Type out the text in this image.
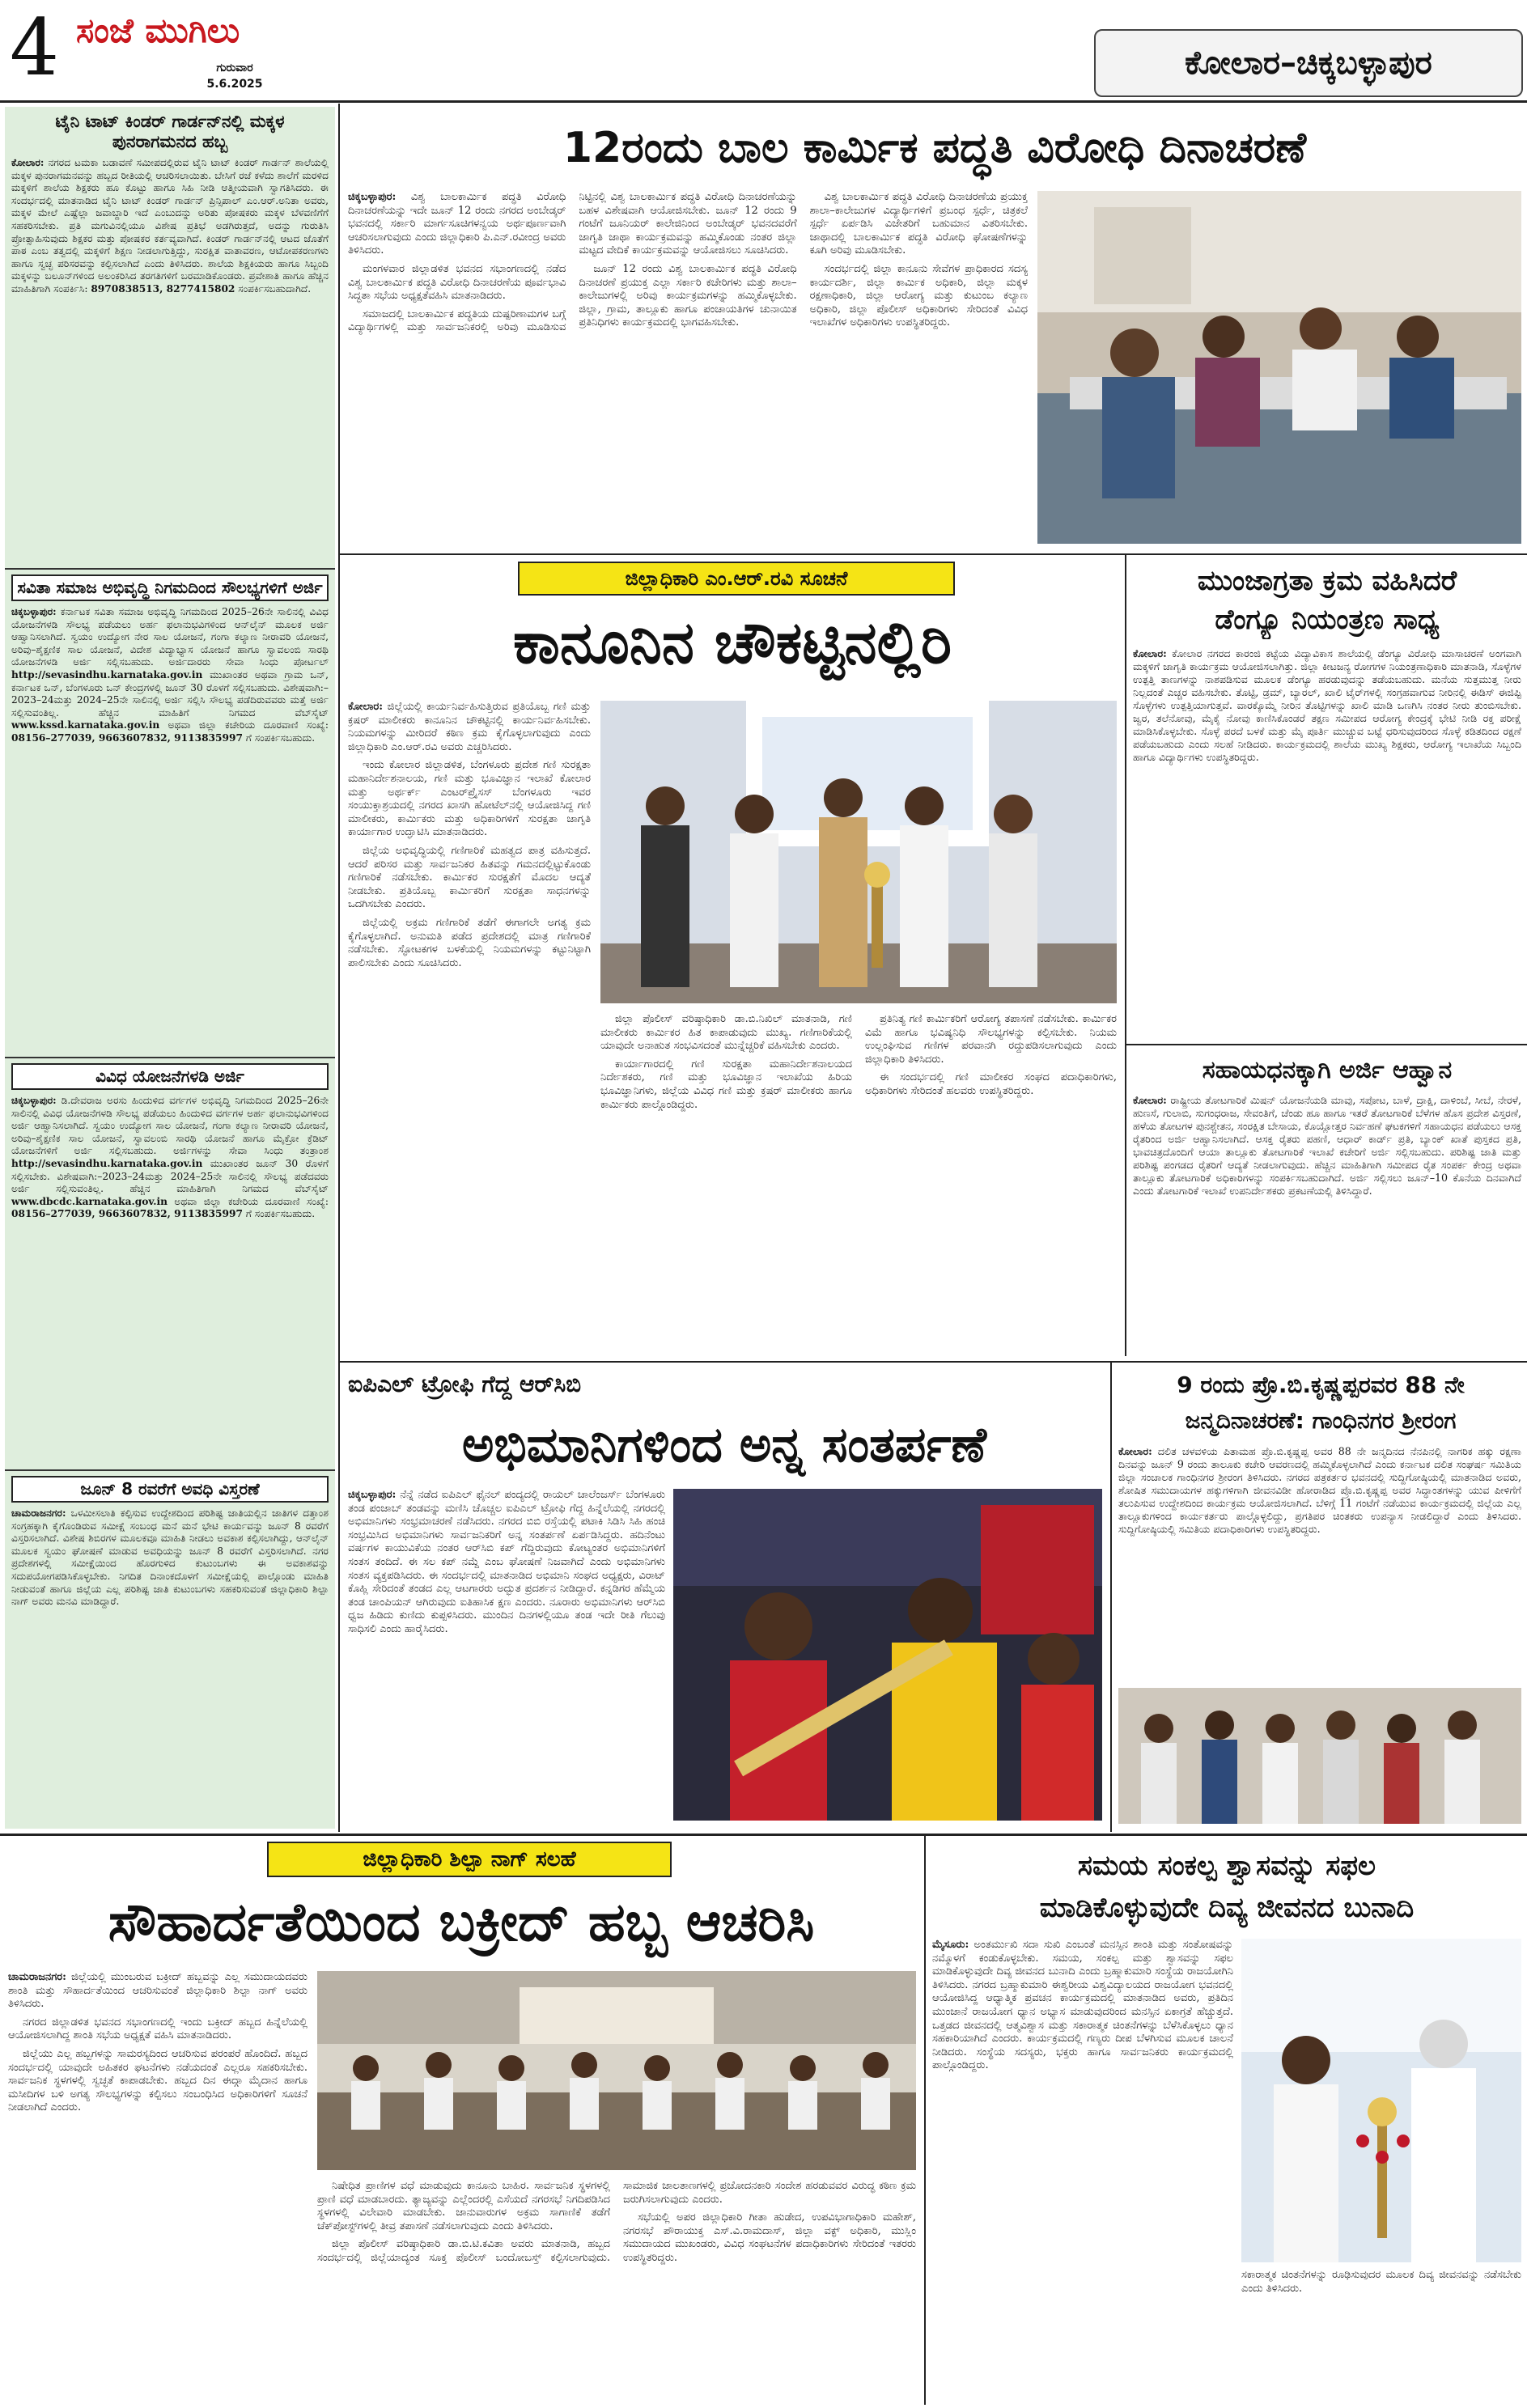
4 ಸಂಜೆ ಮುಗಿಲು
ಗುರುವಾರ
5.6.2025
ಕೋಲಾರ–ಚಿಕ್ಕಬಳ್ಳಾಪುರ
ಟೈನಿ ಟಾಟ್ ಕಿಂಡರ್ ಗಾರ್ಡನ್‌ನಲ್ಲಿ ಮಕ್ಕಳ ಪುನರಾಗಮನದ ಹಬ್ಬ
ಕೋಲಾರ: ನಗರದ ಟಮಕಾ ಬಡಾವಣೆ ಸಮೀಪದಲ್ಲಿರುವ ಟೈನಿ ಟಾಟ್ ಕಿಂಡರ್ ಗಾರ್ಡನ್ ಶಾಲೆಯಲ್ಲಿ ಮಕ್ಕಳ ಪುನರಾಗಮನವನ್ನು ಹಬ್ಬದ ರೀತಿಯಲ್ಲಿ ಆಚರಿಸಲಾಯಿತು. ಬೇಸಿಗೆ ರಜೆ ಕಳೆದು ಶಾಲೆಗೆ ಮರಳಿದ ಮಕ್ಕಳಿಗೆ ಶಾಲೆಯ ಶಿಕ್ಷಕರು ಹೂ ಕೊಟ್ಟು ಹಾಗೂ ಸಿಹಿ ನೀಡಿ ಆತ್ಮೀಯವಾಗಿ ಸ್ವಾಗತಿಸಿದರು. ಈ ಸಂದರ್ಭದಲ್ಲಿ ಮಾತನಾಡಿದ ಟೈನಿ ಟಾಟ್ ಕಿಂಡರ್ ಗಾರ್ಡನ್ ಪ್ರಿನ್ಸಿಪಾಲ್ ಎಂ.ಆರ್.ಅನಿತಾ ಅವರು, ಮಕ್ಕಳ ಮೇಲೆ ಎಷ್ಟೆಲ್ಲಾ ಜವಾಬ್ದಾರಿ ಇದೆ ಎಂಬುದನ್ನು ಅರಿತು ಪೋಷಕರು ಮಕ್ಕಳ ಬೆಳವಣಿಗೆಗೆ ಸಹಕರಿಸಬೇಕು. ಪ್ರತಿ ಮಗುವಿನಲ್ಲಿಯೂ ವಿಶೇಷ ಪ್ರತಿಭೆ ಅಡಗಿರುತ್ತದೆ, ಅದನ್ನು ಗುರುತಿಸಿ ಪ್ರೋತ್ಸಾಹಿಸುವುದು ಶಿಕ್ಷಕರ ಮತ್ತು ಪೋಷಕರ ಕರ್ತವ್ಯವಾಗಿದೆ. ಕಿಂಡರ್ ಗಾರ್ಡನ್‌ನಲ್ಲಿ ಆಟದ ಜೊತೆಗೆ ಪಾಠ ಎಂಬ ತತ್ವದಲ್ಲಿ ಮಕ್ಕಳಿಗೆ ಶಿಕ್ಷಣ ನೀಡಲಾಗುತ್ತಿದ್ದು, ಸುರಕ್ಷಿತ ವಾತಾವರಣ, ಆಟೋಪಕರಣಗಳು ಹಾಗೂ ಸ್ವಚ್ಛ ಪರಿಸರವನ್ನು ಕಲ್ಪಿಸಲಾಗಿದೆ ಎಂದು ತಿಳಿಸಿದರು. ಶಾಲೆಯ ಶಿಕ್ಷಕಿಯರು ಹಾಗೂ ಸಿಬ್ಬಂದಿ ಮಕ್ಕಳನ್ನು ಬಲೂನ್‌ಗಳಿಂದ ಅಲಂಕರಿಸಿದ ತರಗತಿಗಳಿಗೆ ಬರಮಾಡಿಕೊಂಡರು. ಪ್ರವೇಶಾತಿ ಹಾಗೂ ಹೆಚ್ಚಿನ ಮಾಹಿತಿಗಾಗಿ ಸಂಪರ್ಕಿಸಿ: 8970838513, 8277415802 ಸಂಪರ್ಕಿಸಬಹುದಾಗಿದೆ.
ಸವಿತಾ ಸಮಾಜ ಅಭಿವೃದ್ಧಿ ನಿಗಮದಿಂದ ಸೌಲಭ್ಯಗಳಿಗೆ ಅರ್ಜಿ
ಚಿಕ್ಕಬಳ್ಳಾಪುರ: ಕರ್ನಾಟಕ ಸವಿತಾ ಸಮಾಜ ಅಭಿವೃದ್ಧಿ ನಿಗಮದಿಂದ 2025–26ನೇ ಸಾಲಿನಲ್ಲಿ ವಿವಿಧ ಯೋಜನೆಗಳಡಿ ಸೌಲಭ್ಯ ಪಡೆಯಲು ಅರ್ಹ ಫಲಾನುಭವಿಗಳಿಂದ ಆನ್‌ಲೈನ್ ಮೂಲಕ ಅರ್ಜಿ ಆಹ್ವಾನಿಸಲಾಗಿದೆ. ಸ್ವಯಂ ಉದ್ಯೋಗ ನೇರ ಸಾಲ ಯೋಜನೆ, ಗಂಗಾ ಕಲ್ಯಾಣ ನೀರಾವರಿ ಯೋಜನೆ, ಅರಿವು–ಶೈಕ್ಷಣಿಕ ಸಾಲ ಯೋಜನೆ, ವಿದೇಶ ವಿದ್ಯಾಭ್ಯಾಸ ಯೋಜನೆ ಹಾಗೂ ಸ್ವಾವಲಂಬಿ ಸಾರಥಿ ಯೋಜನೆಗಳಡಿ ಅರ್ಜಿ ಸಲ್ಲಿಸಬಹುದು. ಅರ್ಜಿದಾರರು ಸೇವಾ ಸಿಂಧು ಪೋರ್ಟಲ್ http://sevasindhu.karnataka.gov.in ಮುಖಾಂತರ ಅಥವಾ ಗ್ರಾಮ ಒನ್, ಕರ್ನಾಟಕ ಒನ್, ಬೆಂಗಳೂರು ಒನ್ ಕೇಂದ್ರಗಳಲ್ಲಿ ಜೂನ್ 30 ರೊಳಗೆ ಸಲ್ಲಿಸಬಹುದು. ವಿಶೇಷವಾಗಿ:–2023–24ಮತ್ತು 2024–25ನೇ ಸಾಲಿನಲ್ಲಿ ಅರ್ಜಿ ಸಲ್ಲಿಸಿ ಸೌಲಭ್ಯ ಪಡೆದಿರುವವರು ಮತ್ತೆ ಅರ್ಜಿ ಸಲ್ಲಿಸುವಂತಿಲ್ಲ. ಹೆಚ್ಚಿನ ಮಾಹಿತಿಗೆ ನಿಗಮದ ವೆಬ್‌ಸೈಟ್ www.kssd.karnataka.gov.in ಅಥವಾ ಜಿಲ್ಲಾ ಕಚೇರಿಯ ದೂರವಾಣಿ ಸಂಖ್ಯೆ: 08156–277039, 9663607832, 9113835997 ಗೆ ಸಂಪರ್ಕಿಸಬಹುದು.
ವಿವಿಧ ಯೋಜನೆಗಳಡಿ ಅರ್ಜಿ
ಚಿಕ್ಕಬಳ್ಳಾಪುರ: ಡಿ.ದೇವರಾಜ ಅರಸು ಹಿಂದುಳಿದ ವರ್ಗಗಳ ಅಭಿವೃದ್ಧಿ ನಿಗಮದಿಂದ 2025–26ನೇ ಸಾಲಿನಲ್ಲಿ ವಿವಿಧ ಯೋಜನೆಗಳಡಿ ಸೌಲಭ್ಯ ಪಡೆಯಲು ಹಿಂದುಳಿದ ವರ್ಗಗಳ ಅರ್ಹ ಫಲಾನುಭವಿಗಳಿಂದ ಅರ್ಜಿ ಆಹ್ವಾನಿಸಲಾಗಿದೆ. ಸ್ವಯಂ ಉದ್ಯೋಗ ಸಾಲ ಯೋಜನೆ, ಗಂಗಾ ಕಲ್ಯಾಣ ನೀರಾವರಿ ಯೋಜನೆ, ಅರಿವು–ಶೈಕ್ಷಣಿಕ ಸಾಲ ಯೋಜನೆ, ಸ್ವಾವಲಂಬಿ ಸಾರಥಿ ಯೋಜನೆ ಹಾಗೂ ಮೈಕ್ರೋ ಕ್ರೆಡಿಟ್ ಯೋಜನೆಗಳಿಗೆ ಅರ್ಜಿ ಸಲ್ಲಿಸಬಹುದು. ಅರ್ಜಿಗಳನ್ನು ಸೇವಾ ಸಿಂಧು ತಂತ್ರಾಂಶ http://sevasindhu.karnataka.gov.in ಮುಖಾಂತರ ಜೂನ್ 30 ರೊಳಗೆ ಸಲ್ಲಿಸಬೇಕು. ವಿಶೇಷವಾಗಿ:–2023–24ಮತ್ತು 2024–25ನೇ ಸಾಲಿನಲ್ಲಿ ಸೌಲಭ್ಯ ಪಡೆದವರು ಅರ್ಜಿ ಸಲ್ಲಿಸುವಂತಿಲ್ಲ. ಹೆಚ್ಚಿನ ಮಾಹಿತಿಗಾಗಿ ನಿಗಮದ ವೆಬ್‌ಸೈಟ್ www.dbcdc.karnataka.gov.in ಅಥವಾ ಜಿಲ್ಲಾ ಕಚೇರಿಯ ದೂರವಾಣಿ ಸಂಖ್ಯೆ: 08156–277039, 9663607832, 9113835997 ಗೆ ಸಂಪರ್ಕಿಸಬಹುದು.
ಜೂನ್ 8 ರವರೆಗೆ ಅವಧಿ ವಿಸ್ತರಣೆ
ಚಾಮರಾಜನಗರ: ಒಳಮೀಸಲಾತಿ ಕಲ್ಪಿಸುವ ಉದ್ದೇಶದಿಂದ ಪರಿಶಿಷ್ಟ ಜಾತಿಯಲ್ಲಿನ ಜಾತಿಗಳ ದತ್ತಾಂಶ ಸಂಗ್ರಹಕ್ಕಾಗಿ ಕೈಗೊಂಡಿರುವ ಸಮೀಕ್ಷೆ ಸಂಬಂಧ ಮನೆ ಮನೆ ಭೇಟಿ ಕಾರ್ಯವನ್ನು ಜೂನ್ 8 ರವರೆಗೆ ವಿಸ್ತರಿಸಲಾಗಿದೆ. ವಿಶೇಷ ಶಿಬಿರಗಳ ಮೂಲಕವೂ ಮಾಹಿತಿ ನೀಡಲು ಅವಕಾಶ ಕಲ್ಪಿಸಲಾಗಿದ್ದು, ಆನ್‌ಲೈನ್ ಮೂಲಕ ಸ್ವಯಂ ಘೋಷಣೆ ಮಾಡುವ ಅವಧಿಯನ್ನು ಜೂನ್ 8 ರವರೆಗೆ ವಿಸ್ತರಿಸಲಾಗಿದೆ. ನಗರ ಪ್ರದೇಶಗಳಲ್ಲಿ ಸಮೀಕ್ಷೆಯಿಂದ ಹೊರಗುಳಿದ ಕುಟುಂಬಗಳು ಈ ಅವಕಾಶವನ್ನು ಸದುಪಯೋಗಪಡಿಸಿಕೊಳ್ಳಬೇಕು. ನಿಗದಿತ ದಿನಾಂಕದೊಳಗೆ ಸಮೀಕ್ಷೆಯಲ್ಲಿ ಪಾಲ್ಗೊಂಡು ಮಾಹಿತಿ ನೀಡುವಂತೆ ಹಾಗೂ ಜಿಲ್ಲೆಯ ಎಲ್ಲ ಪರಿಶಿಷ್ಟ ಜಾತಿ ಕುಟುಂಬಗಳು ಸಹಕರಿಸುವಂತೆ ಜಿಲ್ಲಾಧಿಕಾರಿ ಶಿಲ್ಪಾ ನಾಗ್ ಅವರು ಮನವಿ ಮಾಡಿದ್ದಾರೆ.
12ರಂದು ಬಾಲ ಕಾರ್ಮಿಕ ಪದ್ಧತಿ ವಿರೋಧಿ ದಿನಾಚರಣೆ

ಚಿಕ್ಕಬಳ್ಳಾಪುರ: ವಿಶ್ವ ಬಾಲಕಾರ್ಮಿಕ ಪದ್ಧತಿ ವಿರೋಧಿ ದಿನಾಚರಣೆಯನ್ನು ಇದೇ ಜೂನ್ 12 ರಂದು ನಗರದ ಅಂಬೇಡ್ಕರ್ ಭವನದಲ್ಲಿ ಸರ್ಕಾರಿ ಮಾರ್ಗಸೂಚಿಗಳನ್ವಯ ಅರ್ಥಪೂರ್ಣವಾಗಿ ಆಚರಿಸಲಾಗುವುದು ಎಂದು ಜಿಲ್ಲಾಧಿಕಾರಿ ಪಿ.ಎನ್.ರವೀಂದ್ರ ಅವರು ತಿಳಿಸಿದರು.

ಮಂಗಳವಾರ ಜಿಲ್ಲಾಡಳಿತ ಭವನದ ಸಭಾಂಗಣದಲ್ಲಿ ನಡೆದ ವಿಶ್ವ ಬಾಲಕಾರ್ಮಿಕ ಪದ್ಧತಿ ವಿರೋಧಿ ದಿನಾಚರಣೆಯ ಪೂರ್ವಭಾವಿ ಸಿದ್ಧತಾ ಸಭೆಯ ಅಧ್ಯಕ್ಷತೆವಹಿಸಿ ಮಾತನಾಡಿದರು.

ಸಮಾಜದಲ್ಲಿ ಬಾಲಕಾರ್ಮಿಕ ಪದ್ಧತಿಯ ದುಷ್ಪರಿಣಾಮಗಳ ಬಗ್ಗೆ ವಿದ್ಯಾರ್ಥಿಗಳಲ್ಲಿ ಮತ್ತು ಸಾರ್ವಜನಿಕರಲ್ಲಿ ಅರಿವು ಮೂಡಿಸುವ ನಿಟ್ಟಿನಲ್ಲಿ ವಿಶ್ವ ಬಾಲಕಾರ್ಮಿಕ ಪದ್ಧತಿ ವಿರೋಧಿ ದಿನಾಚರಣೆಯನ್ನು ಬಹಳ ವಿಶೇಷವಾಗಿ ಆಯೋಜಿಸಬೇಕು. ಜೂನ್ 12 ರಂದು 9 ಗಂಟೆಗೆ ಜೂನಿಯರ್ ಕಾಲೇಜಿನಿಂದ ಅಂಬೇಡ್ಕರ್ ಭವನದವರೆಗೆ ಜಾಗೃತಿ ಜಾಥಾ ಕಾರ್ಯಕ್ರಮವನ್ನು ಹಮ್ಮಿಕೊಂಡು ನಂತರ ಜಿಲ್ಲಾ ಮಟ್ಟದ ವೇದಿಕೆ ಕಾರ್ಯಕ್ರಮವನ್ನು ಆಯೋಜಿಸಲು ಸೂಚಿಸಿದರು.

ಜೂನ್ 12 ರಂದು ವಿಶ್ವ ಬಾಲಕಾರ್ಮಿಕ ಪದ್ಧತಿ ವಿರೋಧಿ ದಿನಾಚರಣೆ ಪ್ರಯುಕ್ತ ಎಲ್ಲಾ ಸರ್ಕಾರಿ ಕಚೇರಿಗಳು ಮತ್ತು ಶಾಲಾ–ಕಾಲೇಜುಗಳಲ್ಲಿ ಅರಿವು ಕಾರ್ಯಕ್ರಮಗಳನ್ನು ಹಮ್ಮಿಕೊಳ್ಳಬೇಕು. ಜಿಲ್ಲಾ, ಗ್ರಾಮ, ತಾಲ್ಲೂಕು ಹಾಗೂ ಪಂಚಾಯತಿಗಳ ಚುನಾಯಿತ ಪ್ರತಿನಿಧಿಗಳು ಕಾರ್ಯಕ್ರಮದಲ್ಲಿ ಭಾಗವಹಿಸಬೇಕು.

ವಿಶ್ವ ಬಾಲಕಾರ್ಮಿಕ ಪದ್ಧತಿ ವಿರೋಧಿ ದಿನಾಚರಣೆಯ ಪ್ರಯುಕ್ತ ಶಾಲಾ–ಕಾಲೇಜುಗಳ ವಿದ್ಯಾರ್ಥಿಗಳಿಗೆ ಪ್ರಬಂಧ ಸ್ಪರ್ಧೆ, ಚಿತ್ರಕಲೆ ಸ್ಪರ್ಧೆ ಏರ್ಪಡಿಸಿ ವಿಜೇತರಿಗೆ ಬಹುಮಾನ ವಿತರಿಸಬೇಕು. ಜಾಥಾದಲ್ಲಿ ಬಾಲಕಾರ್ಮಿಕ ಪದ್ಧತಿ ವಿರೋಧಿ ಘೋಷಣೆಗಳನ್ನು ಕೂಗಿ ಅರಿವು ಮೂಡಿಸಬೇಕು.

ಸಂದರ್ಭದಲ್ಲಿ ಜಿಲ್ಲಾ ಕಾನೂನು ಸೇವೆಗಳ ಪ್ರಾಧಿಕಾರದ ಸದಸ್ಯ ಕಾರ್ಯದರ್ಶಿ, ಜಿಲ್ಲಾ ಕಾರ್ಮಿಕ ಅಧಿಕಾರಿ, ಜಿಲ್ಲಾ ಮಕ್ಕಳ ರಕ್ಷಣಾಧಿಕಾರಿ, ಜಿಲ್ಲಾ ಆರೋಗ್ಯ ಮತ್ತು ಕುಟುಂಬ ಕಲ್ಯಾಣ ಅಧಿಕಾರಿ, ಜಿಲ್ಲಾ ಪೊಲೀಸ್ ಅಧಿಕಾರಿಗಳು ಸೇರಿದಂತೆ ವಿವಿಧ ಇಲಾಖೆಗಳ ಅಧಿಕಾರಿಗಳು ಉಪಸ್ಥಿತರಿದ್ದರು.

ಜಿಲ್ಲಾಧಿಕಾರಿ ಎಂ.ಆರ್.ರವಿ ಸೂಚನೆ
ಕಾನೂನಿನ ಚೌಕಟ್ಟಿನಲ್ಲಿರಿ

ಕೋಲಾರ: ಜಿಲ್ಲೆಯಲ್ಲಿ ಕಾರ್ಯನಿರ್ವಹಿಸುತ್ತಿರುವ ಪ್ರತಿಯೊಬ್ಬ ಗಣಿ ಮತ್ತು ಕ್ರಷರ್ ಮಾಲೀಕರು ಕಾನೂನಿನ ಚೌಕಟ್ಟಿನಲ್ಲಿ ಕಾರ್ಯನಿರ್ವಹಿಸಬೇಕು. ನಿಯಮಗಳನ್ನು ಮೀರಿದರೆ ಕಠಿಣ ಕ್ರಮ ಕೈಗೊಳ್ಳಲಾಗುವುದು ಎಂದು ಜಿಲ್ಲಾಧಿಕಾರಿ ಎಂ.ಆರ್.ರವಿ ಅವರು ಎಚ್ಚರಿಸಿದರು.

ಇಂದು ಕೋಲಾರ ಜಿಲ್ಲಾಡಳಿತ, ಬೆಂಗಳೂರು ಪ್ರದೇಶ ಗಣಿ ಸುರಕ್ಷತಾ ಮಹಾನಿರ್ದೇಶನಾಲಯ, ಗಣಿ ಮತ್ತು ಭೂವಿಜ್ಞಾನ ಇಲಾಖೆ ಕೋಲಾರ ಮತ್ತು ಅರ್ಥರ್ಕ್ ಎಂಟರ್‌ಪ್ರೈಸಸ್ ಬೆಂಗಳೂರು ಇವರ ಸಂಯುಕ್ತಾಶ್ರಯದಲ್ಲಿ ನಗರದ ಖಾಸಗಿ ಹೋಟೆಲ್‌ನಲ್ಲಿ ಆಯೋಜಿಸಿದ್ದ ಗಣಿ ಮಾಲೀಕರು, ಕಾರ್ಮಿಕರು ಮತ್ತು ಅಧಿಕಾರಿಗಳಿಗೆ ಸುರಕ್ಷತಾ ಜಾಗೃತಿ ಕಾರ್ಯಾಗಾರ ಉದ್ಘಾಟಿಸಿ ಮಾತನಾಡಿದರು.

ಜಿಲ್ಲೆಯ ಅಭಿವೃದ್ಧಿಯಲ್ಲಿ ಗಣಿಗಾರಿಕೆ ಮಹತ್ವದ ಪಾತ್ರ ವಹಿಸುತ್ತದೆ. ಆದರೆ ಪರಿಸರ ಮತ್ತು ಸಾರ್ವಜನಿಕರ ಹಿತವನ್ನು ಗಮನದಲ್ಲಿಟ್ಟುಕೊಂಡು ಗಣಿಗಾರಿಕೆ ನಡೆಸಬೇಕು. ಕಾರ್ಮಿಕರ ಸುರಕ್ಷತೆಗೆ ಮೊದಲ ಆದ್ಯತೆ ನೀಡಬೇಕು. ಪ್ರತಿಯೊಬ್ಬ ಕಾರ್ಮಿಕರಿಗೆ ಸುರಕ್ಷತಾ ಸಾಧನಗಳನ್ನು ಒದಗಿಸಬೇಕು ಎಂದರು.

ಜಿಲ್ಲೆಯಲ್ಲಿ ಅಕ್ರಮ ಗಣಿಗಾರಿಕೆ ತಡೆಗೆ ಈಗಾಗಲೇ ಅಗತ್ಯ ಕ್ರಮ ಕೈಗೊಳ್ಳಲಾಗಿದೆ. ಅನುಮತಿ ಪಡೆದ ಪ್ರದೇಶದಲ್ಲಿ ಮಾತ್ರ ಗಣಿಗಾರಿಕೆ ನಡೆಸಬೇಕು. ಸ್ಫೋಟಕಗಳ ಬಳಕೆಯಲ್ಲಿ ನಿಯಮಗಳನ್ನು ಕಟ್ಟುನಿಟ್ಟಾಗಿ ಪಾಲಿಸಬೇಕು ಎಂದು ಸೂಚಿಸಿದರು.

ಜಿಲ್ಲಾ ಪೊಲೀಸ್ ವರಿಷ್ಠಾಧಿಕಾರಿ ಡಾ.ಬಿ.ನಿಖಿಲ್ ಮಾತನಾಡಿ, ಗಣಿ ಮಾಲೀಕರು ಕಾರ್ಮಿಕರ ಹಿತ ಕಾಪಾಡುವುದು ಮುಖ್ಯ. ಗಣಿಗಾರಿಕೆಯಲ್ಲಿ ಯಾವುದೇ ಅನಾಹುತ ಸಂಭವಿಸದಂತೆ ಮುನ್ನೆಚ್ಚರಿಕೆ ವಹಿಸಬೇಕು ಎಂದರು.

ಕಾರ್ಯಾಗಾರದಲ್ಲಿ ಗಣಿ ಸುರಕ್ಷತಾ ಮಹಾನಿರ್ದೇಶನಾಲಯದ ನಿರ್ದೇಶಕರು, ಗಣಿ ಮತ್ತು ಭೂವಿಜ್ಞಾನ ಇಲಾಖೆಯ ಹಿರಿಯ ಭೂವಿಜ್ಞಾನಿಗಳು, ಜಿಲ್ಲೆಯ ವಿವಿಧ ಗಣಿ ಮತ್ತು ಕ್ರಷರ್ ಮಾಲೀಕರು ಹಾಗೂ ಕಾರ್ಮಿಕರು ಪಾಲ್ಗೊಂಡಿದ್ದರು.

ಪ್ರತಿನಿತ್ಯ ಗಣಿ ಕಾರ್ಮಿಕರಿಗೆ ಆರೋಗ್ಯ ತಪಾಸಣೆ ನಡೆಸಬೇಕು. ಕಾರ್ಮಿಕರ ವಿಮೆ ಹಾಗೂ ಭವಿಷ್ಯನಿಧಿ ಸೌಲಭ್ಯಗಳನ್ನು ಕಲ್ಪಿಸಬೇಕು. ನಿಯಮ ಉಲ್ಲಂಘಿಸುವ ಗಣಿಗಳ ಪರವಾನಗಿ ರದ್ದುಪಡಿಸಲಾಗುವುದು ಎಂದು ಜಿಲ್ಲಾಧಿಕಾರಿ ತಿಳಿಸಿದರು.

ಈ ಸಂದರ್ಭದಲ್ಲಿ ಗಣಿ ಮಾಲೀಕರ ಸಂಘದ ಪದಾಧಿಕಾರಿಗಳು, ಅಧಿಕಾರಿಗಳು ಸೇರಿದಂತೆ ಹಲವರು ಉಪಸ್ಥಿತರಿದ್ದರು.

ಮುಂಜಾಗ್ರತಾ ಕ್ರಮ ವಹಿಸಿದರೆ
ಡೆಂಗ್ಯೂ ನಿಯಂತ್ರಣ ಸಾಧ್ಯ

ಕೋಲಾರ: ಕೋಲಾರ ನಗರದ ಕಾರಂಜಿ ಕಟ್ಟೆಯ ವಿದ್ಯಾವಿಕಾಸ ಶಾಲೆಯಲ್ಲಿ ಡೆಂಗ್ಯೂ ವಿರೋಧಿ ಮಾಸಾಚರಣೆ ಅಂಗವಾಗಿ ಮಕ್ಕಳಿಗೆ ಜಾಗೃತಿ ಕಾರ್ಯಕ್ರಮ ಆಯೋಜಿಸಲಾಗಿತ್ತು. ಜಿಲ್ಲಾ ಕೀಟಜನ್ಯ ರೋಗಗಳ ನಿಯಂತ್ರಣಾಧಿಕಾರಿ ಮಾತನಾಡಿ, ಸೊಳ್ಳೆಗಳ ಉತ್ಪತ್ತಿ ತಾಣಗಳನ್ನು ನಾಶಪಡಿಸುವ ಮೂಲಕ ಡೆಂಗ್ಯೂ ಹರಡುವುದನ್ನು ತಡೆಯಬಹುದು. ಮನೆಯ ಸುತ್ತಮುತ್ತ ನೀರು ನಿಲ್ಲದಂತೆ ಎಚ್ಚರ ವಹಿಸಬೇಕು. ತೊಟ್ಟಿ, ಡ್ರಮ್, ಬ್ಯಾರಲ್, ಖಾಲಿ ಟೈರ್‌ಗಳಲ್ಲಿ ಸಂಗ್ರಹವಾಗುವ ನೀರಿನಲ್ಲಿ ಈಡಿಸ್ ಈಜಿಪ್ಟಿ ಸೊಳ್ಳೆಗಳು ಉತ್ಪತ್ತಿಯಾಗುತ್ತವೆ. ವಾರಕ್ಕೊಮ್ಮೆ ನೀರಿನ ತೊಟ್ಟಿಗಳನ್ನು ಖಾಲಿ ಮಾಡಿ ಒಣಗಿಸಿ ನಂತರ ನೀರು ತುಂಬಿಸಬೇಕು. ಜ್ವರ, ತಲೆನೋವು, ಮೈಕೈ ನೋವು ಕಾಣಿಸಿಕೊಂಡರೆ ತಕ್ಷಣ ಸಮೀಪದ ಆರೋಗ್ಯ ಕೇಂದ್ರಕ್ಕೆ ಭೇಟಿ ನೀಡಿ ರಕ್ತ ಪರೀಕ್ಷೆ ಮಾಡಿಸಿಕೊಳ್ಳಬೇಕು. ಸೊಳ್ಳೆ ಪರದೆ ಬಳಕೆ ಮತ್ತು ಮೈ ಪೂರ್ತಿ ಮುಚ್ಚುವ ಬಟ್ಟೆ ಧರಿಸುವುದರಿಂದ ಸೊಳ್ಳೆ ಕಡಿತದಿಂದ ರಕ್ಷಣೆ ಪಡೆಯಬಹುದು ಎಂದು ಸಲಹೆ ನೀಡಿದರು. ಕಾರ್ಯಕ್ರಮದಲ್ಲಿ ಶಾಲೆಯ ಮುಖ್ಯ ಶಿಕ್ಷಕರು, ಆರೋಗ್ಯ ಇಲಾಖೆಯ ಸಿಬ್ಬಂದಿ ಹಾಗೂ ವಿದ್ಯಾರ್ಥಿಗಳು ಉಪಸ್ಥಿತರಿದ್ದರು.

ಸಹಾಯಧನಕ್ಕಾಗಿ ಅರ್ಜಿ ಆಹ್ವಾನ

ಕೋಲಾರ: ರಾಷ್ಟ್ರೀಯ ತೋಟಗಾರಿಕೆ ಮಿಷನ್ ಯೋಜನೆಯಡಿ ಮಾವು, ಸಪೋಟ, ಬಾಳೆ, ದ್ರಾಕ್ಷಿ, ದಾಳಿಂಬೆ, ಸೀಬೆ, ನೇರಳೆ, ಹುಣಸೆ, ಗುಲಾಬಿ, ಸುಗಂಧರಾಜ, ಸೇವಂತಿಗೆ, ಚೆಂಡು ಹೂ ಹಾಗೂ ಇತರೆ ತೋಟಗಾರಿಕೆ ಬೆಳೆಗಳ ಹೊಸ ಪ್ರದೇಶ ವಿಸ್ತರಣೆ, ಹಳೆಯ ತೋಟಗಳ ಪುನಶ್ಚೇತನ, ಸಂರಕ್ಷಿತ ಬೇಸಾಯ, ಕೊಯ್ಲೋತ್ತರ ನಿರ್ವಹಣೆ ಘಟಕಗಳಿಗೆ ಸಹಾಯಧನ ಪಡೆಯಲು ಆಸಕ್ತ ರೈತರಿಂದ ಅರ್ಜಿ ಆಹ್ವಾನಿಸಲಾಗಿದೆ. ಆಸಕ್ತ ರೈತರು ಪಹಣಿ, ಆಧಾರ್ ಕಾರ್ಡ್ ಪ್ರತಿ, ಬ್ಯಾಂಕ್ ಖಾತೆ ಪುಸ್ತಕದ ಪ್ರತಿ, ಭಾವಚಿತ್ರದೊಂದಿಗೆ ಆಯಾ ತಾಲ್ಲೂಕು ತೋಟಗಾರಿಕೆ ಇಲಾಖೆ ಕಚೇರಿಗೆ ಅರ್ಜಿ ಸಲ್ಲಿಸಬಹುದು. ಪರಿಶಿಷ್ಟ ಜಾತಿ ಮತ್ತು ಪರಿಶಿಷ್ಟ ಪಂಗಡದ ರೈತರಿಗೆ ಆದ್ಯತೆ ನೀಡಲಾಗುವುದು. ಹೆಚ್ಚಿನ ಮಾಹಿತಿಗಾಗಿ ಸಮೀಪದ ರೈತ ಸಂಪರ್ಕ ಕೇಂದ್ರ ಅಥವಾ ತಾಲ್ಲೂಕು ತೋಟಗಾರಿಕೆ ಅಧಿಕಾರಿಗಳನ್ನು ಸಂಪರ್ಕಿಸಬಹುದಾಗಿದೆ. ಅರ್ಜಿ ಸಲ್ಲಿಸಲು ಜೂನ್–10 ಕೊನೆಯ ದಿನವಾಗಿದೆ ಎಂದು ತೋಟಗಾರಿಕೆ ಇಲಾಖೆ ಉಪನಿರ್ದೇಶಕರು ಪ್ರಕಟಣೆಯಲ್ಲಿ ತಿಳಿಸಿದ್ದಾರೆ.

ಐಪಿಎಲ್ ಟ್ರೋಫಿ ಗೆದ್ದ ಆರ್‌ಸಿಬಿ
ಅಭಿಮಾನಿಗಳಿಂದ ಅನ್ನ ಸಂತರ್ಪಣೆ

ಚಿಕ್ಕಬಳ್ಳಾಪುರ: ನೆನ್ನೆ ನಡೆದ ಐಪಿಎಲ್ ಫೈನಲ್ ಪಂದ್ಯದಲ್ಲಿ ರಾಯಲ್ ಚಾಲೆಂಜರ್ಸ್ ಬೆಂಗಳೂರು ತಂಡ ಪಂಜಾಬ್ ತಂಡವನ್ನು ಮಣಿಸಿ ಚೊಚ್ಚಲ ಐಪಿಎಲ್ ಟ್ರೋಫಿ ಗೆದ್ದ ಹಿನ್ನೆಲೆಯಲ್ಲಿ ನಗರದಲ್ಲಿ ಅಭಿಮಾನಿಗಳು ಸಂಭ್ರಮಾಚರಣೆ ನಡೆಸಿದರು. ನಗರದ ಬಿಬಿ ರಸ್ತೆಯಲ್ಲಿ ಪಟಾಕಿ ಸಿಡಿಸಿ ಸಿಹಿ ಹಂಚಿ ಸಂಭ್ರಮಿಸಿದ ಅಭಿಮಾನಿಗಳು ಸಾರ್ವಜನಿಕರಿಗೆ ಅನ್ನ ಸಂತರ್ಪಣೆ ಏರ್ಪಡಿಸಿದ್ದರು. ಹದಿನೆಂಟು ವರ್ಷಗಳ ಕಾಯುವಿಕೆಯ ನಂತರ ಆರ್‌ಸಿಬಿ ಕಪ್ ಗೆದ್ದಿರುವುದು ಕೋಟ್ಯಂತರ ಅಭಿಮಾನಿಗಳಿಗೆ ಸಂತಸ ತಂದಿದೆ. ಈ ಸಲ ಕಪ್ ನಮ್ದೆ ಎಂಬ ಘೋಷಣೆ ನಿಜವಾಗಿದೆ ಎಂದು ಅಭಿಮಾನಿಗಳು ಸಂತಸ ವ್ಯಕ್ತಪಡಿಸಿದರು. ಈ ಸಂದರ್ಭದಲ್ಲಿ ಮಾತನಾಡಿದ ಅಭಿಮಾನಿ ಸಂಘದ ಅಧ್ಯಕ್ಷರು, ವಿರಾಟ್ ಕೊಹ್ಲಿ ಸೇರಿದಂತೆ ತಂಡದ ಎಲ್ಲ ಆಟಗಾರರು ಅದ್ಭುತ ಪ್ರದರ್ಶನ ನೀಡಿದ್ದಾರೆ. ಕನ್ನಡಿಗರ ಹೆಮ್ಮೆಯ ತಂಡ ಚಾಂಪಿಯನ್ ಆಗಿರುವುದು ಐತಿಹಾಸಿಕ ಕ್ಷಣ ಎಂದರು. ನೂರಾರು ಅಭಿಮಾನಿಗಳು ಆರ್‌ಸಿಬಿ ಧ್ವಜ ಹಿಡಿದು ಕುಣಿದು ಕುಪ್ಪಳಿಸಿದರು. ಮುಂದಿನ ದಿನಗಳಲ್ಲಿಯೂ ತಂಡ ಇದೇ ರೀತಿ ಗೆಲುವು ಸಾಧಿಸಲಿ ಎಂದು ಹಾರೈಸಿದರು.

9 ರಂದು ಪ್ರೊ.ಬಿ.ಕೃಷ್ಣಪ್ಪರವರ 88 ನೇ
ಜನ್ಮದಿನಾಚರಣೆ: ಗಾಂಧಿನಗರ ಶ್ರೀರಂಗ

ಕೋಲಾರ: ದಲಿತ ಚಳವಳಿಯ ಪಿತಾಮಹ ಪ್ರೊ.ಬಿ.ಕೃಷ್ಣಪ್ಪ ಅವರ 88 ನೇ ಜನ್ಮದಿನದ ನೆನಪಿನಲ್ಲಿ ನಾಗರಿಕ ಹಕ್ಕು ರಕ್ಷಣಾ ದಿನವನ್ನು ಜೂನ್ 9 ರಂದು ತಾಲೂಕು ಕಚೇರಿ ಆವರಣದಲ್ಲಿ ಹಮ್ಮಿಕೊಳ್ಳಲಾಗಿದೆ ಎಂದು ಕರ್ನಾಟಕ ದಲಿತ ಸಂಘರ್ಷ ಸಮಿತಿಯ ಜಿಲ್ಲಾ ಸಂಚಾಲಕ ಗಾಂಧಿನಗರ ಶ್ರೀರಂಗ ತಿಳಿಸಿದರು. ನಗರದ ಪತ್ರಕರ್ತರ ಭವನದಲ್ಲಿ ಸುದ್ದಿಗೋಷ್ಠಿಯಲ್ಲಿ ಮಾತನಾಡಿದ ಅವರು, ಶೋಷಿತ ಸಮುದಾಯಗಳ ಹಕ್ಕುಗಳಿಗಾಗಿ ಜೀವನವಿಡೀ ಹೋರಾಡಿದ ಪ್ರೊ.ಬಿ.ಕೃಷ್ಣಪ್ಪ ಅವರ ಸಿದ್ಧಾಂತಗಳನ್ನು ಯುವ ಪೀಳಿಗೆಗೆ ತಲುಪಿಸುವ ಉದ್ದೇಶದಿಂದ ಕಾರ್ಯಕ್ರಮ ಆಯೋಜಿಸಲಾಗಿದೆ. ಬೆಳಿಗ್ಗೆ 11 ಗಂಟೆಗೆ ನಡೆಯುವ ಕಾರ್ಯಕ್ರಮದಲ್ಲಿ ಜಿಲ್ಲೆಯ ಎಲ್ಲ ತಾಲ್ಲೂಕುಗಳಿಂದ ಕಾರ್ಯಕರ್ತರು ಪಾಲ್ಗೊಳ್ಳಲಿದ್ದು, ಪ್ರಗತಿಪರ ಚಿಂತಕರು ಉಪನ್ಯಾಸ ನೀಡಲಿದ್ದಾರೆ ಎಂದು ತಿಳಿಸಿದರು. ಸುದ್ದಿಗೋಷ್ಠಿಯಲ್ಲಿ ಸಮಿತಿಯ ಪದಾಧಿಕಾರಿಗಳು ಉಪಸ್ಥಿತರಿದ್ದರು.

ಜಿಲ್ಲಾಧಿಕಾರಿ ಶಿಲ್ಪಾ ನಾಗ್ ಸಲಹೆ
ಸೌಹಾರ್ದತೆಯಿಂದ ಬಕ್ರೀದ್ ಹಬ್ಬ ಆಚರಿಸಿ

ಚಾಮರಾಜನಗರ: ಜಿಲ್ಲೆಯಲ್ಲಿ ಮುಂಬರುವ ಬಕ್ರೀದ್ ಹಬ್ಬವನ್ನು ಎಲ್ಲ ಸಮುದಾಯದವರು ಶಾಂತಿ ಮತ್ತು ಸೌಹಾರ್ದತೆಯಿಂದ ಆಚರಿಸುವಂತೆ ಜಿಲ್ಲಾಧಿಕಾರಿ ಶಿಲ್ಪಾ ನಾಗ್ ಅವರು ತಿಳಿಸಿದರು.

ನಗರದ ಜಿಲ್ಲಾಡಳಿತ ಭವನದ ಸಭಾಂಗಣದಲ್ಲಿ ಇಂದು ಬಕ್ರೀದ್ ಹಬ್ಬದ ಹಿನ್ನೆಲೆಯಲ್ಲಿ ಆಯೋಜಿಸಲಾಗಿದ್ದ ಶಾಂತಿ ಸಭೆಯ ಅಧ್ಯಕ್ಷತೆ ವಹಿಸಿ ಮಾತನಾಡಿದರು.

ಜಿಲ್ಲೆಯು ಎಲ್ಲ ಹಬ್ಬಗಳನ್ನು ಸಾಮರಸ್ಯದಿಂದ ಆಚರಿಸುವ ಪರಂಪರೆ ಹೊಂದಿದೆ. ಹಬ್ಬದ ಸಂದರ್ಭದಲ್ಲಿ ಯಾವುದೇ ಅಹಿತಕರ ಘಟನೆಗಳು ನಡೆಯದಂತೆ ಎಲ್ಲರೂ ಸಹಕರಿಸಬೇಕು. ಸಾರ್ವಜನಿಕ ಸ್ಥಳಗಳಲ್ಲಿ ಸ್ವಚ್ಛತೆ ಕಾಪಾಡಬೇಕು. ಹಬ್ಬದ ದಿನ ಈದ್ಗಾ ಮೈದಾನ ಹಾಗೂ ಮಸೀದಿಗಳ ಬಳಿ ಅಗತ್ಯ ಸೌಲಭ್ಯಗಳನ್ನು ಕಲ್ಪಿಸಲು ಸಂಬಂಧಿಸಿದ ಅಧಿಕಾರಿಗಳಿಗೆ ಸೂಚನೆ ನೀಡಲಾಗಿದೆ ಎಂದರು.

ನಿಷೇಧಿತ ಪ್ರಾಣಿಗಳ ವಧೆ ಮಾಡುವುದು ಕಾನೂನು ಬಾಹಿರ. ಸಾರ್ವಜನಿಕ ಸ್ಥಳಗಳಲ್ಲಿ ಪ್ರಾಣಿ ವಧೆ ಮಾಡಬಾರದು. ತ್ಯಾಜ್ಯವನ್ನು ಎಲ್ಲೆಂದರಲ್ಲಿ ಎಸೆಯದೆ ನಗರಸಭೆ ನಿಗದಿಪಡಿಸಿದ ಸ್ಥಳಗಳಲ್ಲಿ ವಿಲೇವಾರಿ ಮಾಡಬೇಕು. ಜಾನುವಾರುಗಳ ಅಕ್ರಮ ಸಾಗಾಣಿಕೆ ತಡೆಗೆ ಚೆಕ್‌ಪೋಸ್ಟ್‌ಗಳಲ್ಲಿ ತೀವ್ರ ತಪಾಸಣೆ ನಡೆಸಲಾಗುವುದು ಎಂದು ತಿಳಿಸಿದರು.

ಜಿಲ್ಲಾ ಪೊಲೀಸ್ ವರಿಷ್ಠಾಧಿಕಾರಿ ಡಾ.ಬಿ.ಟಿ.ಕವಿತಾ ಅವರು ಮಾತನಾಡಿ, ಹಬ್ಬದ ಸಂದರ್ಭದಲ್ಲಿ ಜಿಲ್ಲೆಯಾದ್ಯಂತ ಸೂಕ್ತ ಪೊಲೀಸ್ ಬಂದೋಬಸ್ತ್ ಕಲ್ಪಿಸಲಾಗುವುದು. ಸಾಮಾಜಿಕ ಜಾಲತಾಣಗಳಲ್ಲಿ ಪ್ರಚೋದನಕಾರಿ ಸಂದೇಶ ಹರಡುವವರ ವಿರುದ್ಧ ಕಠಿಣ ಕ್ರಮ ಜರುಗಿಸಲಾಗುವುದು ಎಂದರು.

ಸಭೆಯಲ್ಲಿ ಅಪರ ಜಿಲ್ಲಾಧಿಕಾರಿ ಗೀತಾ ಹುಡೇದ, ಉಪವಿಭಾಗಾಧಿಕಾರಿ ಮಹೇಶ್, ನಗರಸಭೆ ಪೌರಾಯುಕ್ತ ಎಸ್.ವಿ.ರಾಮದಾಸ್, ಜಿಲ್ಲಾ ವಕ್ಫ್ ಅಧಿಕಾರಿ, ಮುಸ್ಲಿಂ ಸಮುದಾಯದ ಮುಖಂಡರು, ವಿವಿಧ ಸಂಘಟನೆಗಳ ಪದಾಧಿಕಾರಿಗಳು ಸೇರಿದಂತೆ ಇತರರು ಉಪಸ್ಥಿತರಿದ್ದರು.

ಸಮಯ ಸಂಕಲ್ಪ ಶ್ವಾಸವನ್ನು ಸಫಲ
ಮಾಡಿಕೊಳ್ಳುವುದೇ ದಿವ್ಯ ಜೀವನದ ಬುನಾದಿ

ಮೈಸೂರು: ಅಂತರ್ಮುಖಿ ಸದಾ ಸುಖಿ ಎಂಬಂತೆ ಮನಸ್ಸಿನ ಶಾಂತಿ ಮತ್ತು ಸಂತೋಷವನ್ನು ನಮ್ಮೊಳಗೆ ಕಂಡುಕೊಳ್ಳಬೇಕು. ಸಮಯ, ಸಂಕಲ್ಪ ಮತ್ತು ಶ್ವಾಸವನ್ನು ಸಫಲ ಮಾಡಿಕೊಳ್ಳುವುದೇ ದಿವ್ಯ ಜೀವನದ ಬುನಾದಿ ಎಂದು ಬ್ರಹ್ಮಾಕುಮಾರಿ ಸಂಸ್ಥೆಯ ರಾಜಯೋಗಿನಿ ತಿಳಿಸಿದರು. ನಗರದ ಬ್ರಹ್ಮಾಕುಮಾರಿ ಈಶ್ವರೀಯ ವಿಶ್ವವಿದ್ಯಾಲಯದ ರಾಜಯೋಗ ಭವನದಲ್ಲಿ ಆಯೋಜಿಸಿದ್ದ ಆಧ್ಯಾತ್ಮಿಕ ಪ್ರವಚನ ಕಾರ್ಯಕ್ರಮದಲ್ಲಿ ಮಾತನಾಡಿದ ಅವರು, ಪ್ರತಿದಿನ ಮುಂಜಾನೆ ರಾಜಯೋಗ ಧ್ಯಾನ ಅಭ್ಯಾಸ ಮಾಡುವುದರಿಂದ ಮನಸ್ಸಿನ ಏಕಾಗ್ರತೆ ಹೆಚ್ಚುತ್ತದೆ. ಒತ್ತಡದ ಜೀವನದಲ್ಲಿ ಆತ್ಮವಿಶ್ವಾಸ ಮತ್ತು ಸಕಾರಾತ್ಮಕ ಚಿಂತನೆಗಳನ್ನು ಬೆಳೆಸಿಕೊಳ್ಳಲು ಧ್ಯಾನ ಸಹಕಾರಿಯಾಗಿದೆ ಎಂದರು. ಕಾರ್ಯಕ್ರಮದಲ್ಲಿ ಗಣ್ಯರು ದೀಪ ಬೆಳಗಿಸುವ ಮೂಲಕ ಚಾಲನೆ ನೀಡಿದರು. ಸಂಸ್ಥೆಯ ಸದಸ್ಯರು, ಭಕ್ತರು ಹಾಗೂ ಸಾರ್ವಜನಿಕರು ಕಾರ್ಯಕ್ರಮದಲ್ಲಿ ಪಾಲ್ಗೊಂಡಿದ್ದರು.

ಸಕಾರಾತ್ಮಕ ಚಿಂತನೆಗಳನ್ನು ರೂಢಿಸುವುದರ ಮೂಲಕ ದಿವ್ಯ ಜೀವನವನ್ನು ನಡೆಸಬೇಕು ಎಂದು ತಿಳಿಸಿದರು.
